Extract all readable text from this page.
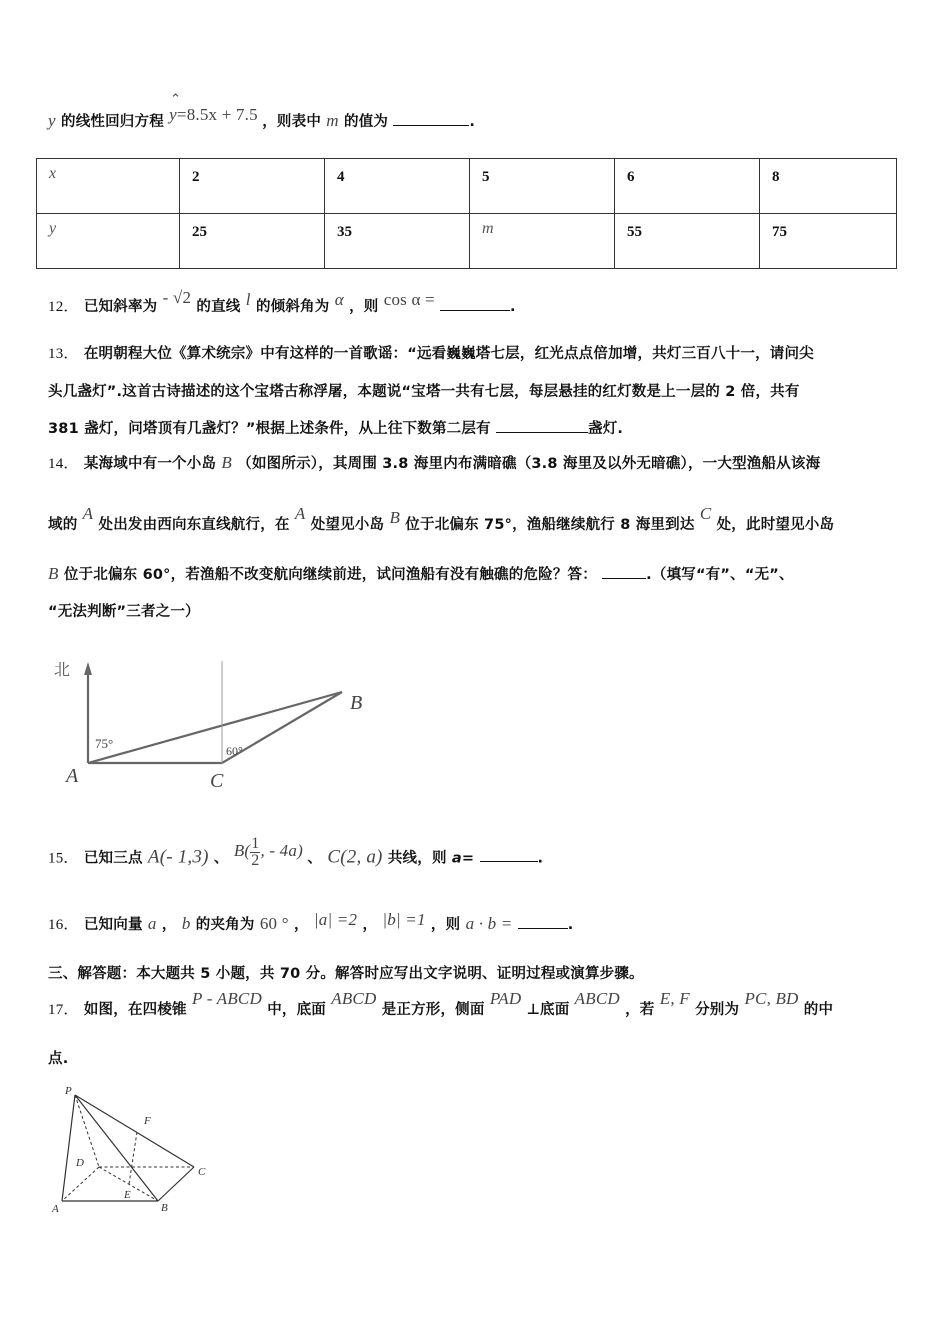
y 的线性回归方程
⌃
y=8.5x + 7.5 ，则表中 m 的值为	.
x	2	4	5	6	8
y	25	35	m	55	75
12． 已知斜率为 - √2 的直线 l 的倾斜角为 α ，则 cos α =	.
13． 在明朝程大位《算术统宗》中有这样的一首歌谣：“远看巍巍塔七层，红光点点倍加增，共灯三百八十一，请问尖
头几盏灯”.这首古诗描述的这个宝塔古称浮屠，本题说“宝塔一共有七层，每层悬挂的红灯数是上一层的 2 倍，共有
381 盏灯，问塔顶有几盏灯？”根据上述条件，从上往下数第二层有	盏灯.
14． 某海域中有一个小岛 B （如图所示），其周围 3.8 海里内布满暗礁（3.8 海里及以外无暗礁），一大型渔船从该海
域的 A 处出发由西向东直线航行，在 A 处望见小岛 B 位于北偏东 75°，渔船继续航行 8 海里到达 C 处，此时望见小岛
B 位于北偏东 60°，若渔船不改变航向继续前进，试问渔船有没有触礁的危险？答：	.（填写“有”、“无”、
“无法判断”三者之一）
北
75°	60°
A
B
C
15． 已知三点 A(- 1,3) 、 $B( \frac{1}{2}$ , - 4a) 、 C(2, a) 共线，则 a=	.
16． 已知向量 a ， b 的夹角为 60 ° ， |a| =2 ， |b| =1 ，则 a · b =	.
三、解答题：本大题共 5 小题，共 70 分。解答时应写出文字说明、证明过程或演算步骤。
17． 如图，在四棱锥 P - ABCD 中，底面 ABCD 是正方形，侧面 PAD ⊥底面 ABCD ，若 E, F 分别为 PC, BD 的中
点.
P
F
D
C
E
A	B
